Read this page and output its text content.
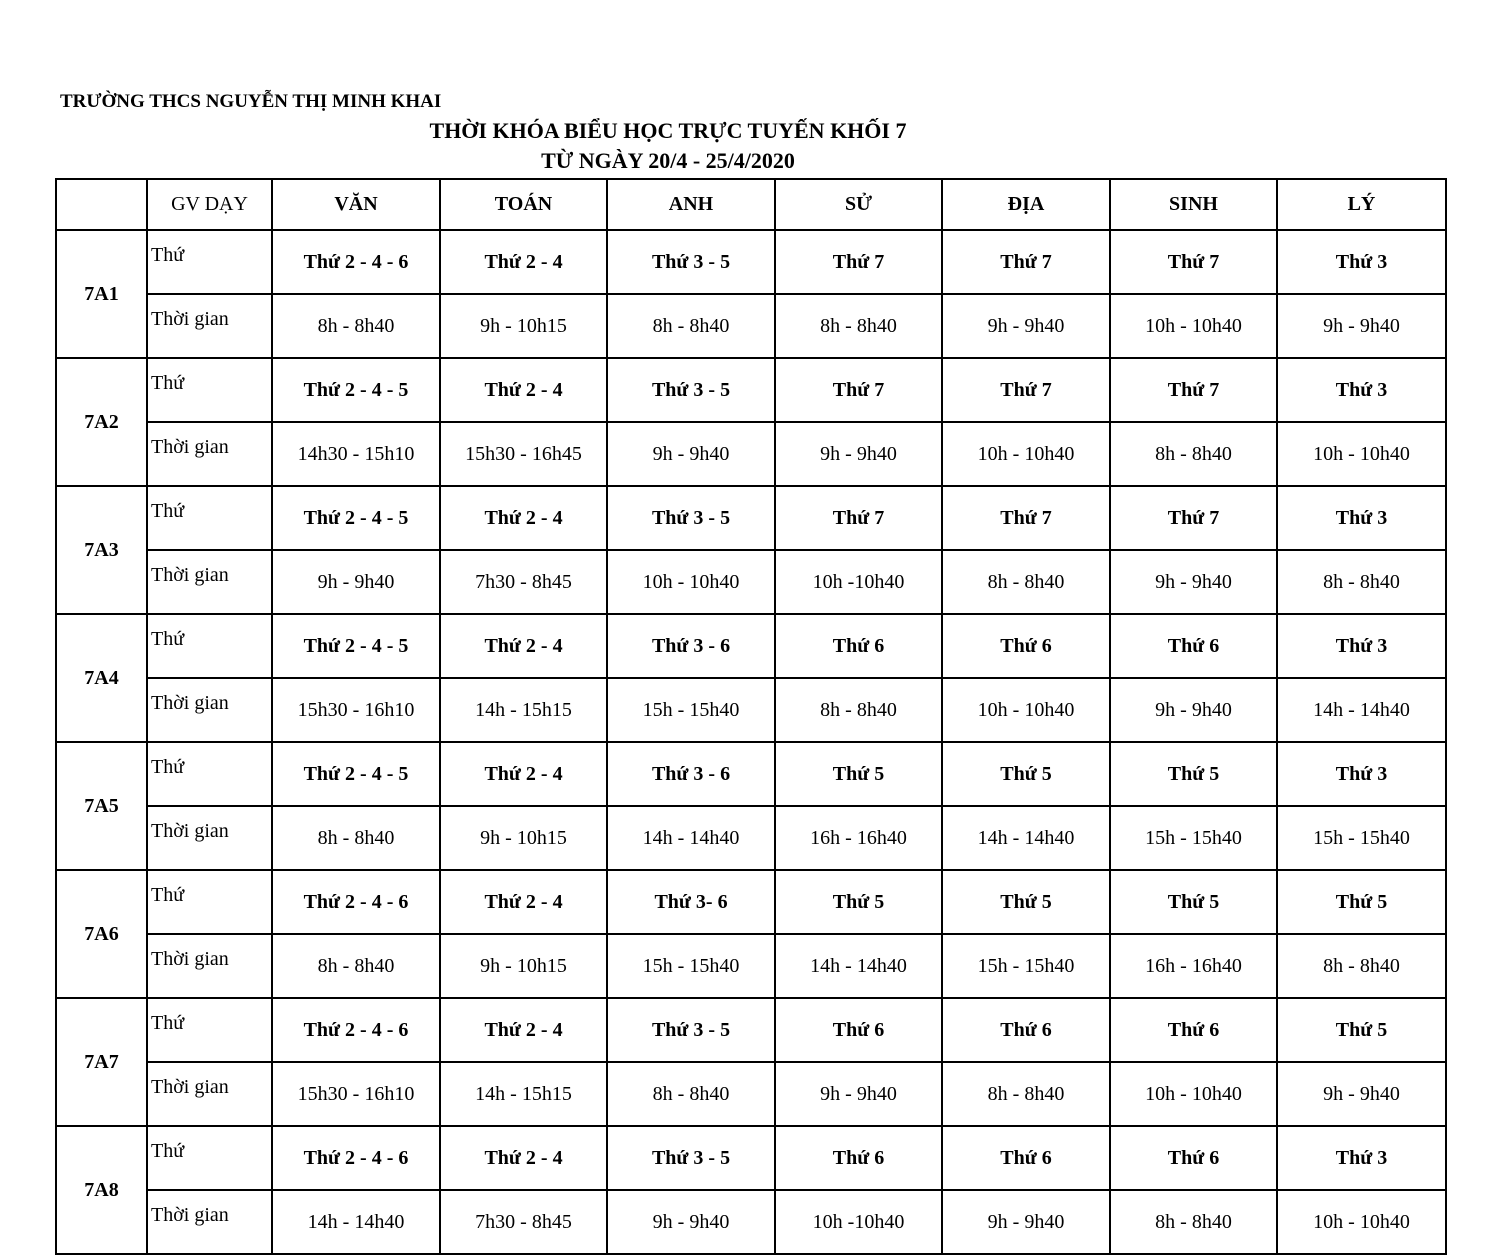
TRƯỜNG THCS NGUYỄN THỊ MINH KHAI
THỜI KHÓA BIỂU HỌC TRỰC TUYẾN KHỐI 7
TỪ NGÀY 20/4 - 25/4/2020
	GV DẠY	VĂN	TOÁN	ANH	SỬ	ĐỊA	SINH	LÝ
7A1	Thứ	Thứ 2 - 4 - 6	Thứ 2 - 4	Thứ 3 - 5	Thứ 7	Thứ 7	Thứ 7	Thứ 3
	Thời gian	8h - 8h40	9h - 10h15	8h - 8h40	8h - 8h40	9h - 9h40	10h - 10h40	9h - 9h40
7A2	Thứ	Thứ 2 - 4 - 5	Thứ 2 - 4	Thứ 3 - 5	Thứ 7	Thứ 7	Thứ 7	Thứ 3
	Thời gian	14h30 - 15h10	15h30 - 16h45	9h - 9h40	9h - 9h40	10h - 10h40	8h - 8h40	10h - 10h40
7A3	Thứ	Thứ 2 - 4 - 5	Thứ 2 - 4	Thứ 3 - 5	Thứ 7	Thứ 7	Thứ 7	Thứ 3
	Thời gian	9h - 9h40	7h30 - 8h45	10h - 10h40	10h -10h40	8h - 8h40	9h - 9h40	8h - 8h40
7A4	Thứ	Thứ 2 - 4 - 5	Thứ 2 - 4	Thứ 3 - 6	Thứ 6	Thứ 6	Thứ 6	Thứ 3
	Thời gian	15h30 - 16h10	14h - 15h15	15h - 15h40	8h - 8h40	10h - 10h40	9h - 9h40	14h - 14h40
7A5	Thứ	Thứ 2 - 4 - 5	Thứ 2 - 4	Thứ 3 - 6	Thứ 5	Thứ 5	Thứ 5	Thứ 3
	Thời gian	8h - 8h40	9h - 10h15	14h - 14h40	16h - 16h40	14h - 14h40	15h - 15h40	15h - 15h40
7A6	Thứ	Thứ 2 - 4 - 6	Thứ 2 - 4	Thứ 3- 6	Thứ 5	Thứ 5	Thứ 5	Thứ 5
	Thời gian	8h - 8h40	9h - 10h15	15h - 15h40	14h - 14h40	15h - 15h40	16h - 16h40	8h - 8h40
7A7	Thứ	Thứ 2 - 4 - 6	Thứ 2 - 4	Thứ 3 - 5	Thứ 6	Thứ 6	Thứ 6	Thứ 5
	Thời gian	15h30 - 16h10	14h - 15h15	8h - 8h40	9h - 9h40	8h - 8h40	10h - 10h40	9h - 9h40
7A8	Thứ	Thứ 2 - 4 - 6	Thứ 2 - 4	Thứ 3 - 5	Thứ 6	Thứ 6	Thứ 6	Thứ 3
	Thời gian	14h - 14h40	7h30 - 8h45	9h - 9h40	10h -10h40	9h - 9h40	8h - 8h40	10h - 10h40
